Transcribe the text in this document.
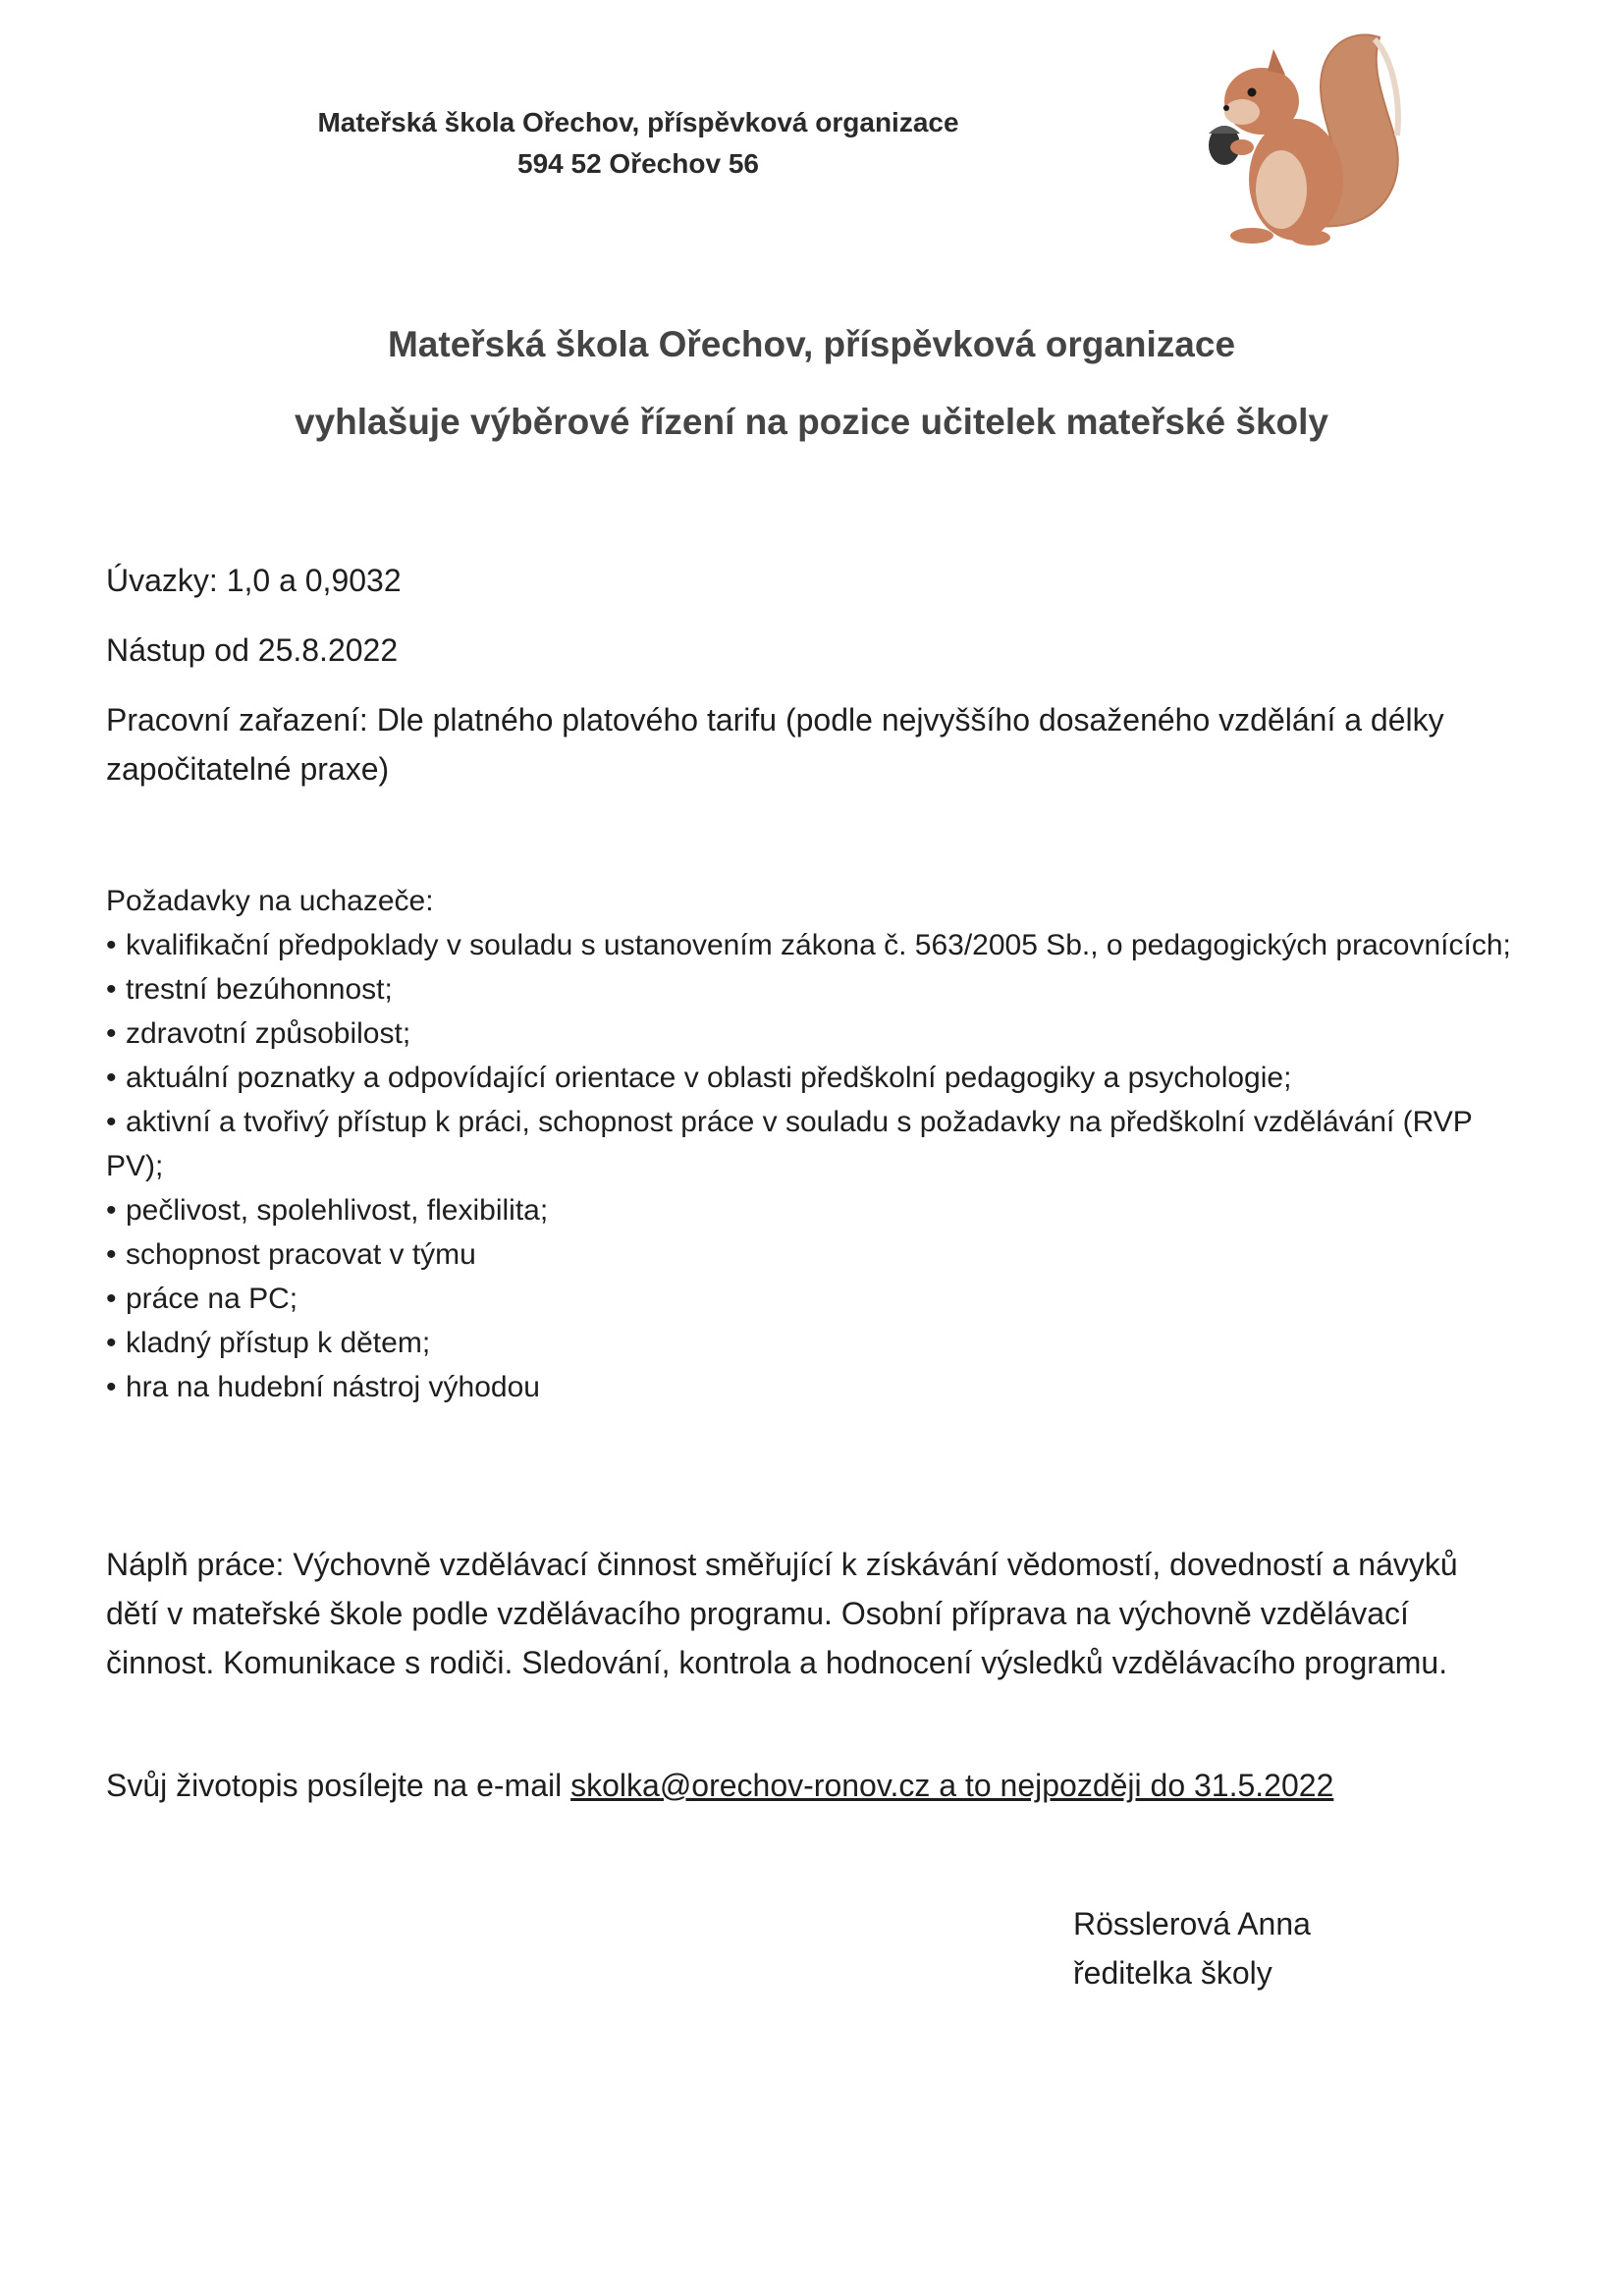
Mateřská škola Ořechov, příspěvková organizace
594 52 Ořechov 56
Mateřská škola Ořechov, příspěvková organizace
vyhlašuje výběrové řízení na pozice učitelek mateřské školy
Úvazky: 1,0 a 0,9032
Nástup od 25.8.2022
Pracovní zařazení: Dle platného platového tarifu (podle nejvyššího dosaženého vzdělání a délky započitatelné praxe)
Požadavky na uchazeče:
• kvalifikační předpoklady v souladu s ustanovením zákona č. 563/2005 Sb., o pedagogických pracovnících;
• trestní bezúhonnost;
• zdravotní způsobilost;
• aktuální poznatky a odpovídající orientace v oblasti předškolní pedagogiky a psychologie;
• aktivní a tvořivý přístup k práci, schopnost práce v souladu s požadavky na předškolní vzdělávání (RVP PV);
• pečlivost, spolehlivost, flexibilita;
• schopnost pracovat v týmu
• práce na PC;
• kladný přístup k dětem;
• hra na hudební nástroj výhodou
Náplň práce: Výchovně vzdělávací činnost směřující k získávání vědomostí, dovedností a návyků dětí v mateřské škole podle vzdělávacího programu. Osobní příprava na výchovně vzdělávací činnost. Komunikace s rodiči. Sledování, kontrola a hodnocení výsledků vzdělávacího programu.
Svůj životopis posílejte na e-mail skolka@orechov-ronov.cz a to nejpozději do 31.5.2022
Rösslerová Anna
ředitelka školy
